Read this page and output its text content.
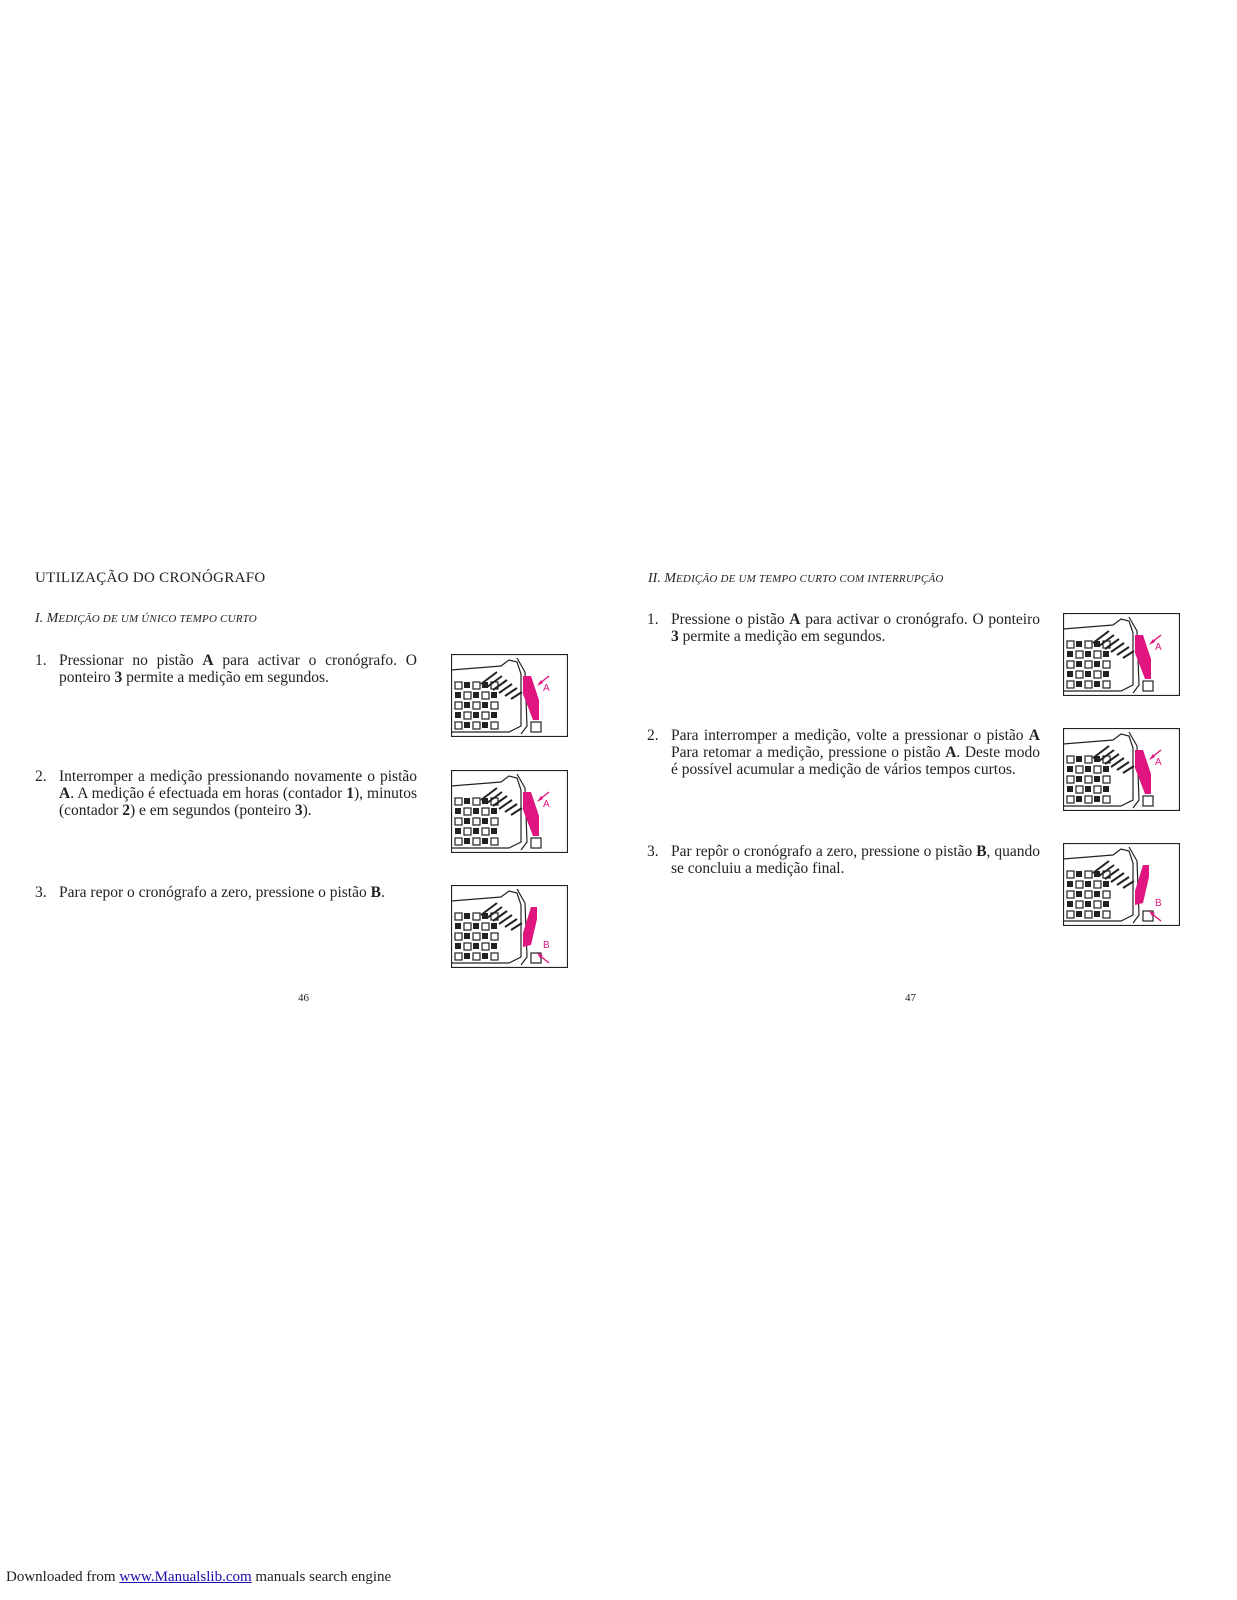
UTILIZAÇÃO DO CRONÓGRAFO
I. MEDIÇÃO DE UM ÚNICO TEMPO CURTO
1. Pressionar no pistão A para activar o cronógrafo. O ponteiro 3 permite a medição em segundos.
A
2. Interromper a medição pressionando novamente o pistão A. A medição é efectuada em horas (contador 1), minutos (contador 2) e em segundos (ponteiro 3).	A
3. Para repor o cronógrafo a zero, pressione o pistão B.
B
46
II. MEDIÇÃO DE UM TEMPO CURTO COM INTERRUPÇÃO
1. Pressione o pistão A para activar o cronógrafo. O ponteiro 3 permite a medição em segundos.
A
2. Para interromper a medição, volte a pressionar o pistão A Para retomar a medição, pressione o pistão A. Deste modo é possível acumular a medição de vários tempos curtos.	A
3. Par repôr o cronógrafo a zero, pressione o pistão B, quando se concluiu a medição final.
B
47
Downloaded from www.Manualslib.com manuals search engine
